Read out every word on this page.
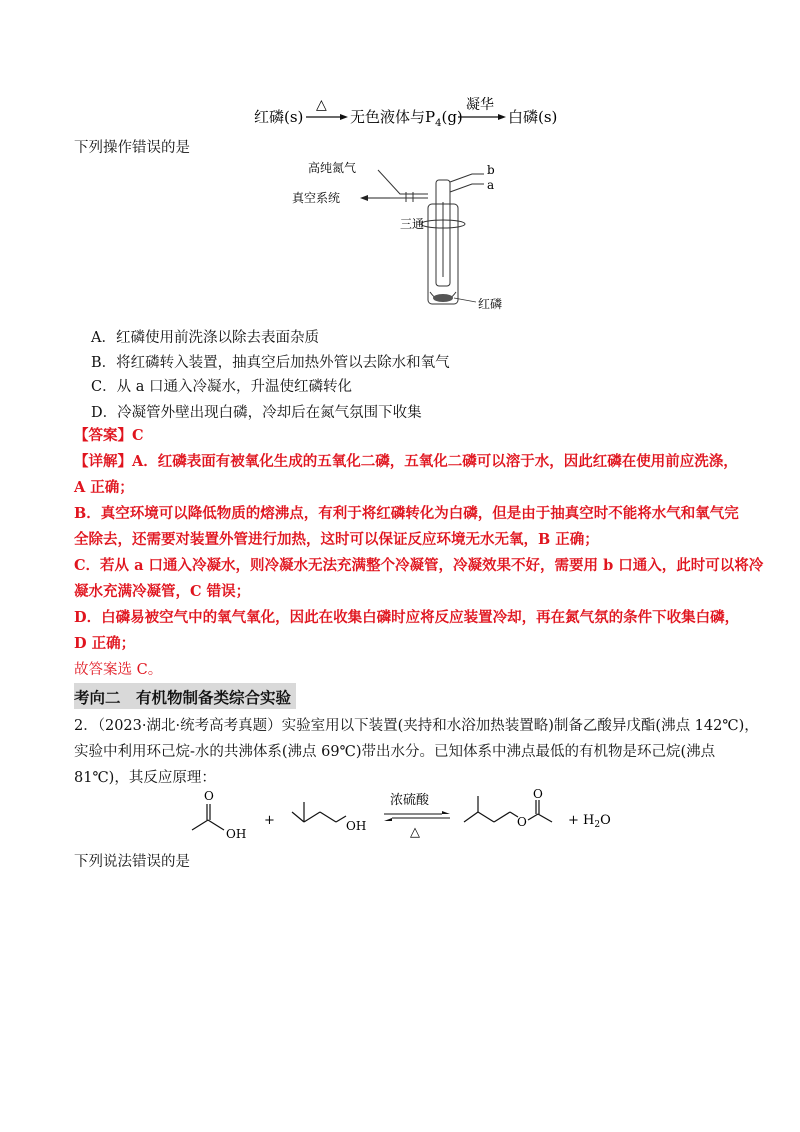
红磷(s)
△
无色液体与$P_4(g)$
凝华
白磷(s)
下列操作错误的是
高纯氮气
真空系统
三通
b
a
红磷
A．红磷使用前洗涤以除去表面杂质
B．将红磷转入装置，抽真空后加热外管以去除水和氧气
C．从 a 口通入冷凝水，升温使红磷转化
D．冷凝管外壁出现白磷，冷却后在氮气氛围下收集
【答案】C
【详解】A．红磷表面有被氧化生成的五氧化二磷，五氧化二磷可以溶于水，因此红磷在使用前应洗涤，
A 正确；
B．真空环境可以降低物质的熔沸点，有利于将红磷转化为白磷，但是由于抽真空时不能将水气和氧气完
全除去，还需要对装置外管进行加热，这时可以保证反应环境无水无氧，B 正确；
C．若从 a 口通入冷凝水，则冷凝水无法充满整个冷凝管，冷凝效果不好，需要用 b 口通入，此时可以将冷
凝水充满冷凝管，C 错误；
D．白磷易被空气中的氧气氧化，因此在收集白磷时应将反应装置冷却，再在氮气氛的条件下收集白磷，
D 正确；
故答案选 C。
考向二　有机物制备类综合实验
2．（2023·湖北·统考高考真题）实验室用以下装置(夹持和水浴加热装置略)制备乙酸异戊酯(沸点 142℃)，
实验中利用环己烷-水的共沸体系(沸点 69℃)带出水分。已知体系中沸点最低的有机物是环己烷(沸点
81℃)，其反应原理：
O
OH
+	OH
浓硫酸
△
O
O
+ $H_2O$
下列说法错误的是
